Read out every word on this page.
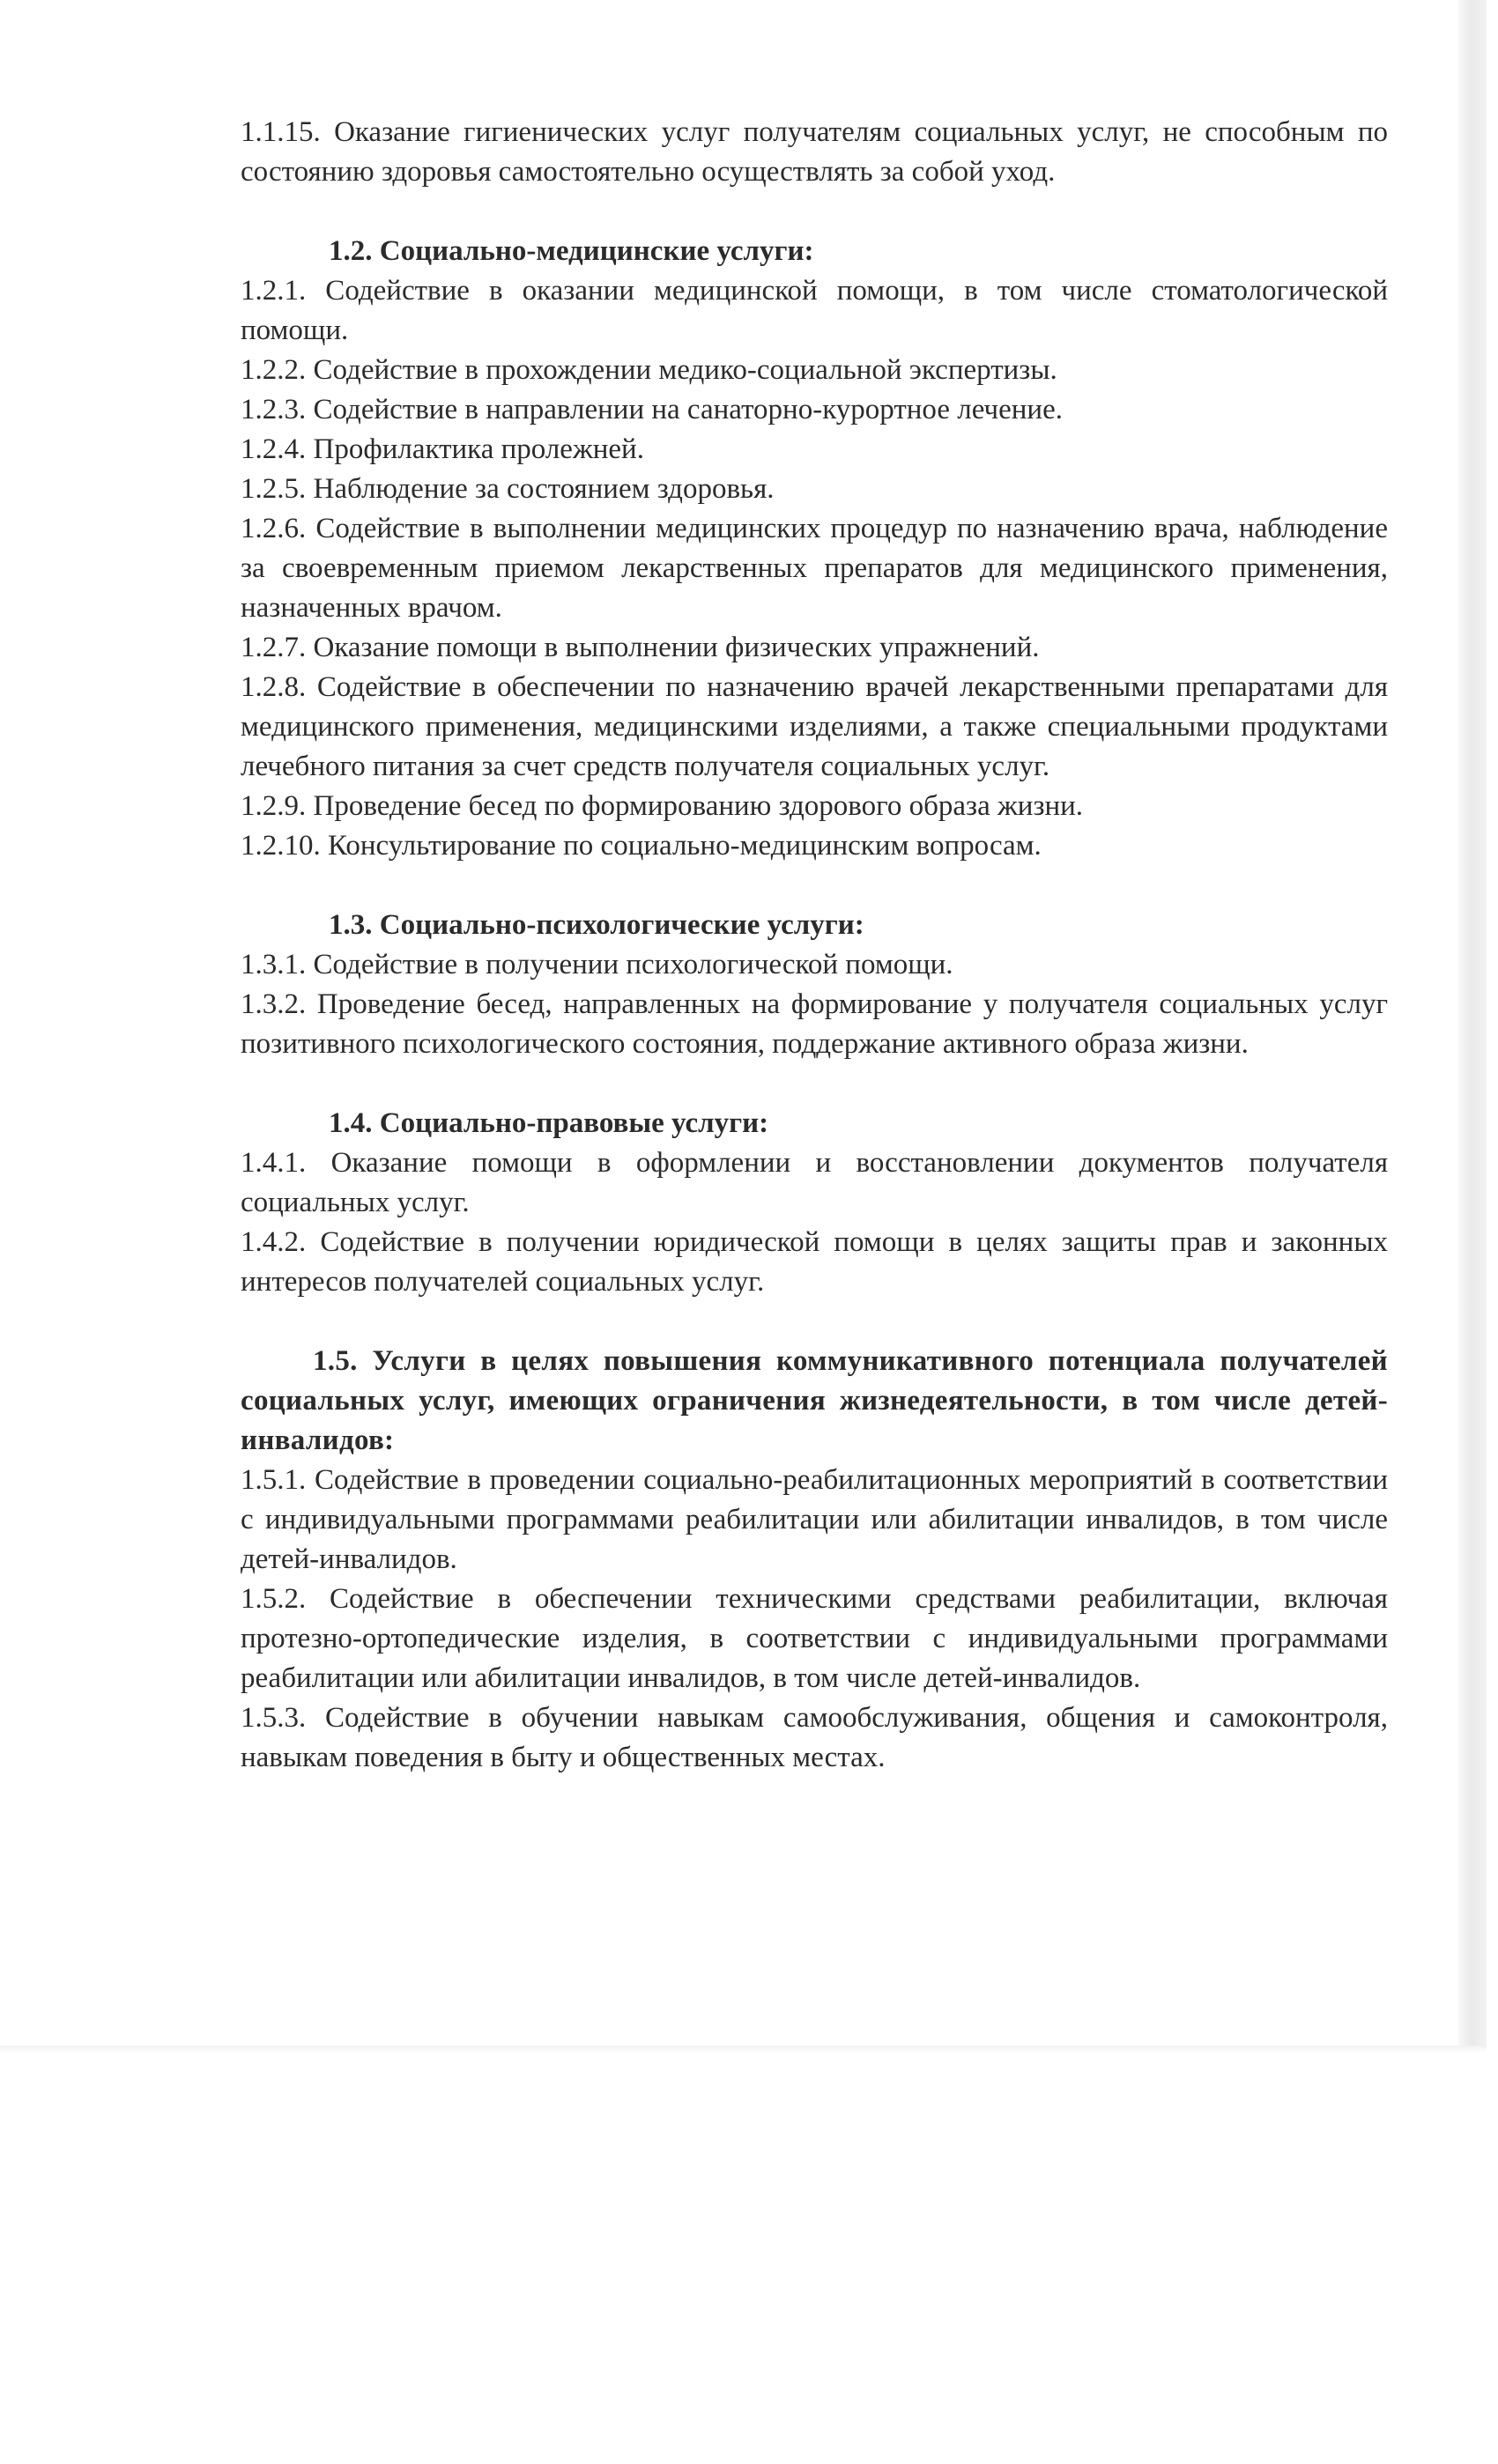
1.1.15. Оказание гигиенических услуг получателям социальных услуг, не способным по состоянию здоровья самостоятельно осуществлять за собой уход.

1.2. Социально-медицинские услуги:

1.2.1. Содействие в оказании медицинской помощи, в том числе стоматологической помощи.

1.2.2. Содействие в прохождении медико-социальной экспертизы.

1.2.3. Содействие в направлении на санаторно-курортное лечение.

1.2.4. Профилактика пролежней.

1.2.5. Наблюдение за состоянием здоровья.

1.2.6. Содействие в выполнении медицинских процедур по назначению врача, наблюдение за своевременным приемом лекарственных препаратов для медицинского применения, назначенных врачом.

1.2.7. Оказание помощи в выполнении физических упражнений.

1.2.8. Содействие в обеспечении по назначению врачей лекарственными препаратами для медицинского применения, медицинскими изделиями, а также специальными продуктами лечебного питания за счет средств получателя социальных услуг.

1.2.9. Проведение бесед по формированию здорового образа жизни.

1.2.10. Консультирование по социально-медицинским вопросам.

1.3. Социально-психологические услуги:

1.3.1. Содействие в получении психологической помощи.

1.3.2. Проведение бесед, направленных на формирование у получателя социальных услуг позитивного психологического состояния, поддержание активного образа жизни.

1.4. Социально-правовые услуги:

1.4.1. Оказание помощи в оформлении и восстановлении документов получателя социальных услуг.

1.4.2. Содействие в получении юридической помощи в целях защиты прав и законных интересов получателей социальных услуг.

1.5. Услуги в целях повышения коммуникативного потенциала получателей социальных услуг, имеющих ограничения жизнедеятельности, в том числе детей-инвалидов:

1.5.1. Содействие в проведении социально-реабилитационных мероприятий в соответствии с индивидуальными программами реабилитации или абилитации инвалидов, в том числе детей-инвалидов.

1.5.2. Содействие в обеспечении техническими средствами реабилитации, включая протезно-ортопедические изделия, в соответствии с индивидуальными программами реабилитации или абилитации инвалидов, в том числе детей-инвалидов.

1.5.3. Содействие в обучении навыкам самообслуживания, общения и самоконтроля, навыкам поведения в быту и общественных местах.
